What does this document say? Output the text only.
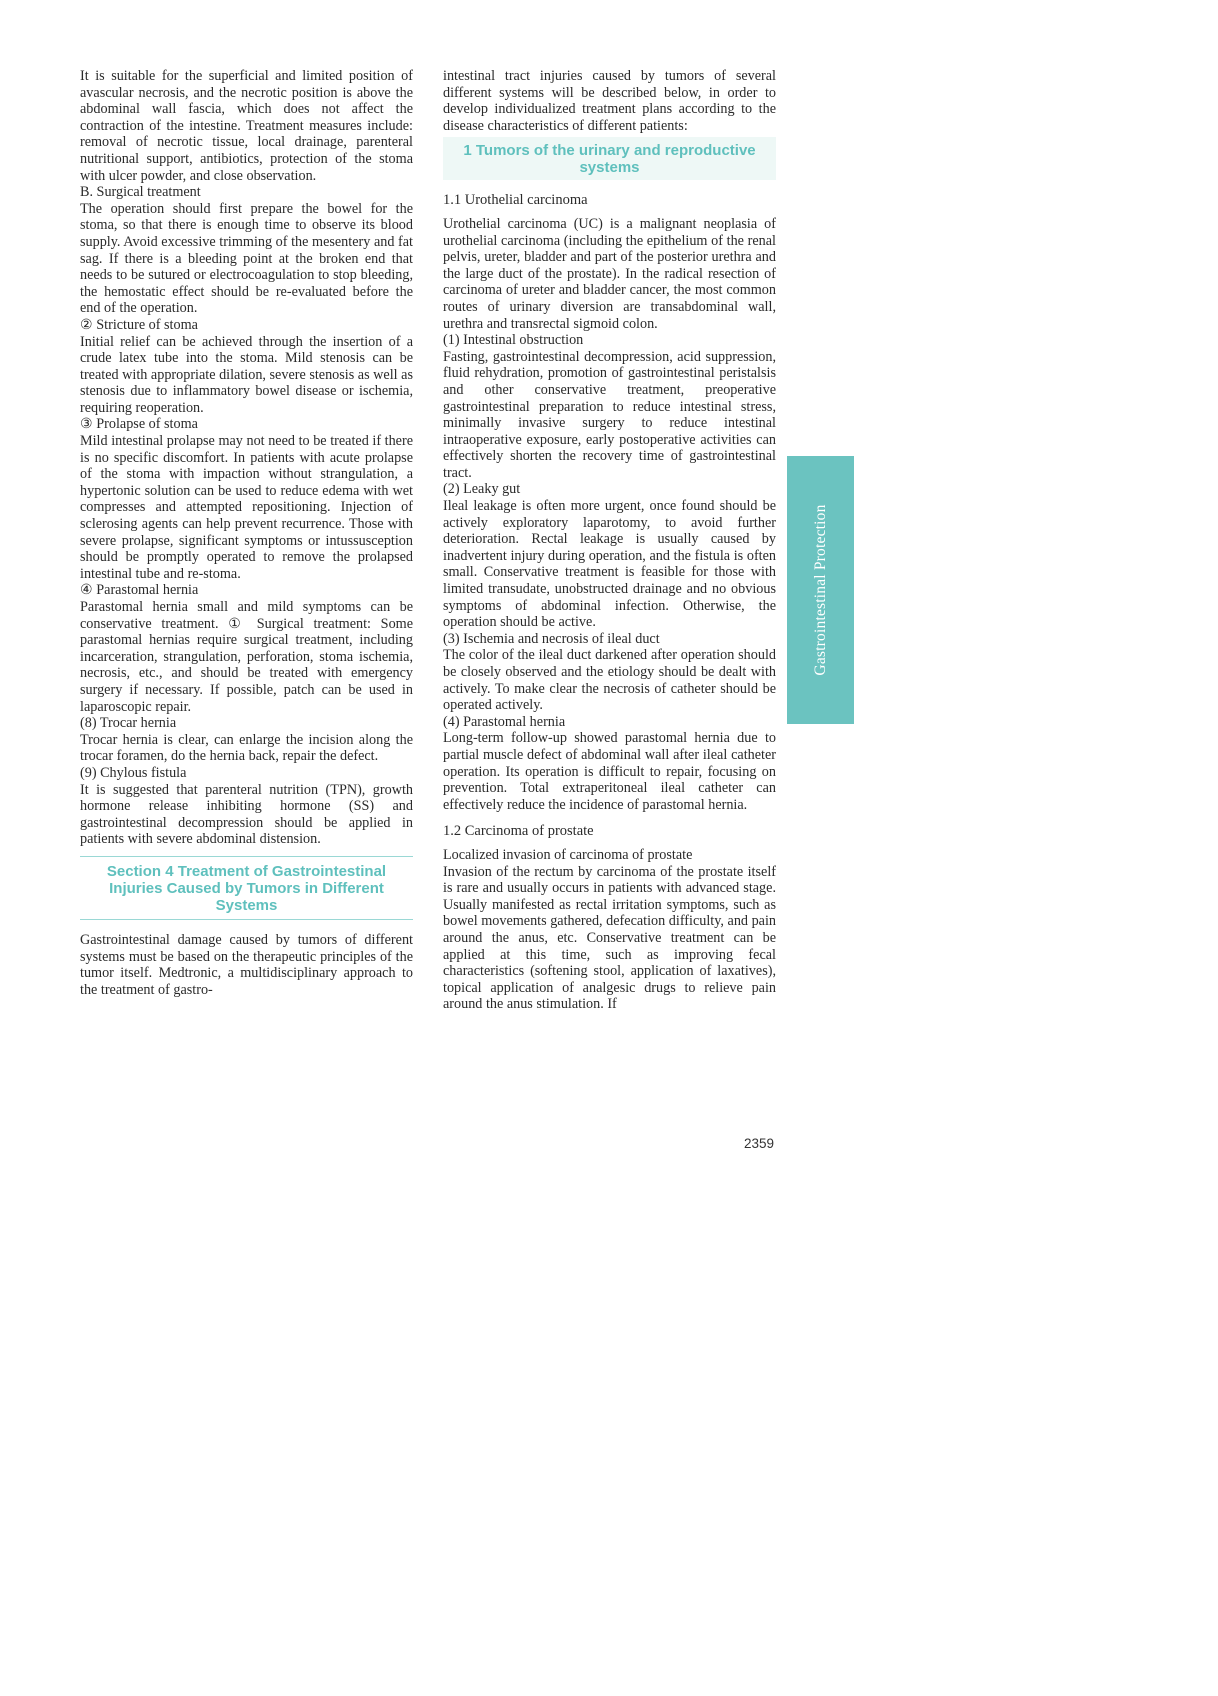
It is suitable for the superficial and limited position of avascular necrosis, and the necrotic position is above the abdominal wall fascia, which does not affect the contraction of the intestine. Treatment measures include: removal of necrotic tissue, local drainage, parenteral nutritional support, antibiotics, protection of the stoma with ulcer powder, and close observation.

B. Surgical treatment

The operation should first prepare the bowel for the stoma, so that there is enough time to observe its blood supply. Avoid excessive trimming of the mesentery and fat sag. If there is a bleeding point at the broken end that needs to be sutured or electrocoagulation to stop bleeding, the hemostatic effect should be re-evaluated before the end of the operation.

② Stricture of stoma

Initial relief can be achieved through the insertion of a crude latex tube into the stoma. Mild stenosis can be treated with appropriate dilation, severe stenosis as well as stenosis due to inflammatory bowel disease or ischemia, requiring reoperation.

③ Prolapse of stoma

Mild intestinal prolapse may not need to be treated if there is no specific discomfort. In patients with acute prolapse of the stoma with impaction without strangulation, a hypertonic solution can be used to reduce edema with wet compresses and attempted repositioning. Injection of sclerosing agents can help prevent recurrence. Those with severe prolapse, significant symptoms or intussusception should be promptly operated to remove the prolapsed intestinal tube and re-stoma.

④ Parastomal hernia

Parastomal hernia small and mild symptoms can be conservative treatment. ① Surgical treatment: Some parastomal hernias require surgical treatment, including incarceration, strangulation, perforation, stoma ischemia, necrosis, etc., and should be treated with emergency surgery if necessary. If possible, patch can be used in laparoscopic repair.

(8) Trocar hernia

Trocar hernia is clear, can enlarge the incision along the trocar foramen, do the hernia back, repair the defect.

(9) Chylous fistula

It is suggested that parenteral nutrition (TPN), growth hormone release inhibiting hormone (SS) and gastrointestinal decompression should be applied in patients with severe abdominal distension.

Section 4 Treatment of Gastrointestinal Injuries Caused by Tumors in Different Systems

Gastrointestinal damage caused by tumors of different systems must be based on the therapeutic principles of the tumor itself. Medtronic, a multidisciplinary approach to the treatment of gastro-

intestinal tract injuries caused by tumors of several different systems will be described below, in order to develop individualized treatment plans according to the disease characteristics of different patients:

1 Tumors of the urinary and reproductive systems
1.1 Urothelial carcinoma

Urothelial carcinoma (UC) is a malignant neoplasia of urothelial carcinoma (including the epithelium of the renal pelvis, ureter, bladder and part of the posterior urethra and the large duct of the prostate). In the radical resection of carcinoma of ureter and bladder cancer, the most common routes of urinary diversion are transabdominal wall, urethra and transrectal sigmoid colon.

(1) Intestinal obstruction

Fasting, gastrointestinal decompression, acid suppression, fluid rehydration, promotion of gastrointestinal peristalsis and other conservative treatment, preoperative gastrointestinal preparation to reduce intestinal stress, minimally invasive surgery to reduce intestinal intraoperative exposure, early postoperative activities can effectively shorten the recovery time of gastrointestinal tract.

(2) Leaky gut

Ileal leakage is often more urgent, once found should be actively exploratory laparotomy, to avoid further deterioration. Rectal leakage is usually caused by inadvertent injury during operation, and the fistula is often small. Conservative treatment is feasible for those with limited transudate, unobstructed drainage and no obvious symptoms of abdominal infection. Otherwise, the operation should be active.

(3) Ischemia and necrosis of ileal duct

The color of the ileal duct darkened after operation should be closely observed and the etiology should be dealt with actively. To make clear the necrosis of catheter should be operated actively.

(4) Parastomal hernia

Long-term follow-up showed parastomal hernia due to partial muscle defect of abdominal wall after ileal catheter operation. Its operation is difficult to repair, focusing on prevention. Total extraperitoneal ileal catheter can effectively reduce the incidence of parastomal hernia.

1.2 Carcinoma of prostate
Localized invasion of carcinoma of prostate

Invasion of the rectum by carcinoma of the prostate itself is rare and usually occurs in patients with advanced stage. Usually manifested as rectal irritation symptoms, such as bowel movements gathered, defecation difficulty, and pain around the anus, etc. Conservative treatment can be applied at this time, such as improving fecal characteristics (softening stool, application of laxatives), topical application of analgesic drugs to relieve pain around the anus stimulation. If

Gastrointestinal Protection
2359
